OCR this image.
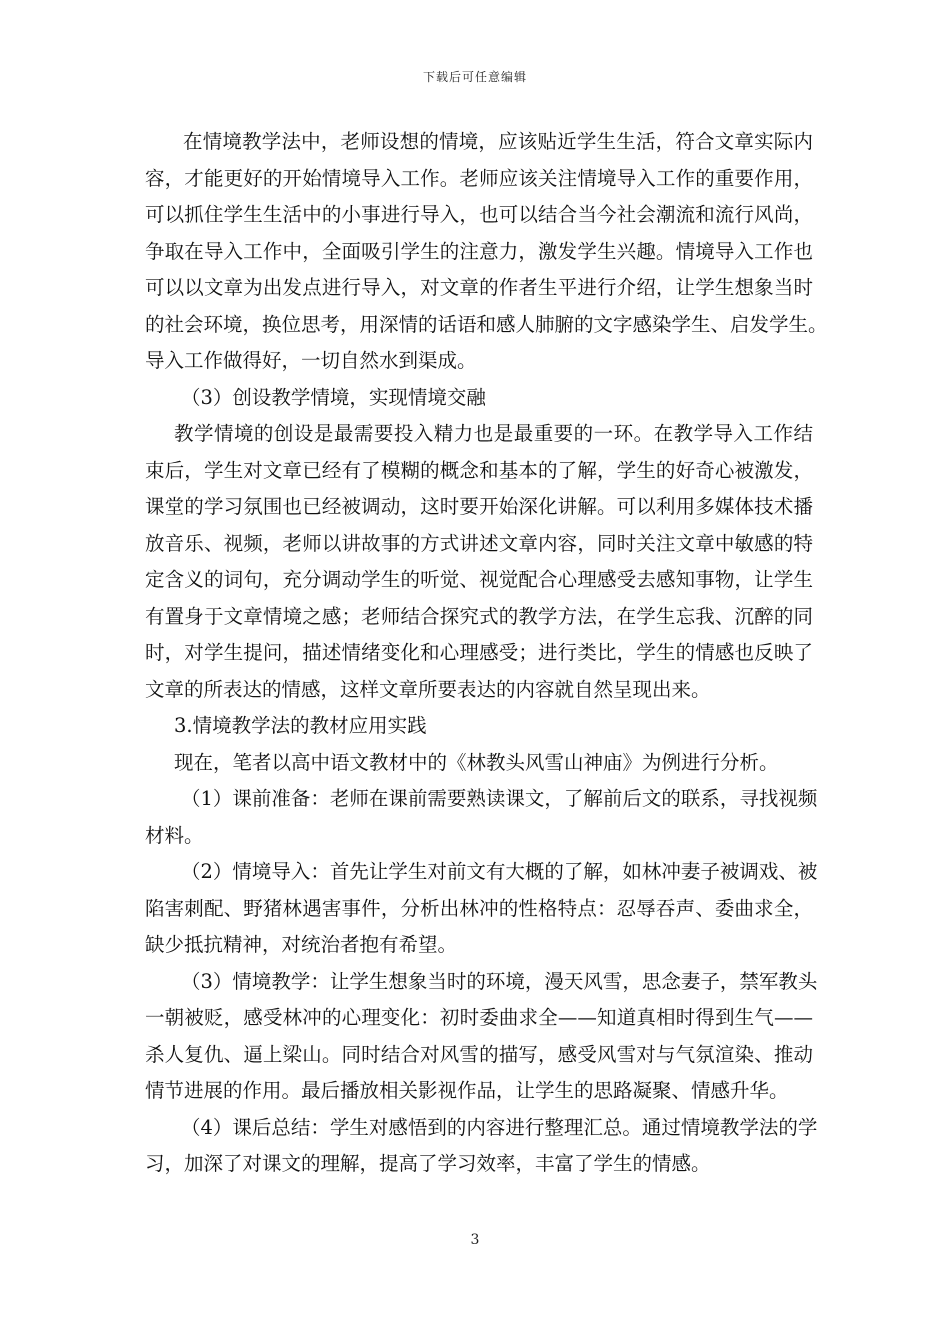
下载后可任意编辑
在情境教学法中，老师设想的情境，应该贴近学生生活，符合文章实际内
容，才能更好的开始情境导入工作。老师应该关注情境导入工作的重要作用，
可以抓住学生生活中的小事进行导入，也可以结合当今社会潮流和流行风尚，
争取在导入工作中，全面吸引学生的注意力，激发学生兴趣。情境导入工作也
可以以文章为出发点进行导入，对文章的作者生平进行介绍，让学生想象当时
的社会环境，换位思考，用深情的话语和感人肺腑的文字感染学生、启发学生。
导入工作做得好，一切自然水到渠成。
（3）创设教学情境，实现情境交融
教学情境的创设是最需要投入精力也是最重要的一环。在教学导入工作结
束后，学生对文章已经有了模糊的概念和基本的了解，学生的好奇心被激发，
课堂的学习氛围也已经被调动，这时要开始深化讲解。可以利用多媒体技术播
放音乐、视频，老师以讲故事的方式讲述文章内容，同时关注文章中敏感的特
定含义的词句，充分调动学生的听觉、视觉配合心理感受去感知事物，让学生
有置身于文章情境之感；老师结合探究式的教学方法，在学生忘我、沉醉的同
时，对学生提问，描述情绪变化和心理感受；进行类比，学生的情感也反映了
文章的所表达的情感，这样文章所要表达的内容就自然呈现出来。
3.情境教学法的教材应用实践
现在，笔者以高中语文教材中的《林教头风雪山神庙》为例进行分析。
（1）课前准备：老师在课前需要熟读课文，了解前后文的联系，寻找视频
材料。
（2）情境导入：首先让学生对前文有大概的了解，如林冲妻子被调戏、被
陷害刺配、野猪林遇害事件，分析出林冲的性格特点：忍辱吞声、委曲求全，
缺少抵抗精神，对统治者抱有希望。
（3）情境教学：让学生想象当时的环境，漫天风雪，思念妻子，禁军教头
一朝被贬，感受林冲的心理变化：初时委曲求全——知道真相时得到生气——
杀人复仇、逼上梁山。同时结合对风雪的描写，感受风雪对与气氛渲染、推动
情节进展的作用。最后播放相关影视作品，让学生的思路凝聚、情感升华。
（4）课后总结：学生对感悟到的内容进行整理汇总。通过情境教学法的学
习，加深了对课文的理解，提高了学习效率，丰富了学生的情感。
3
